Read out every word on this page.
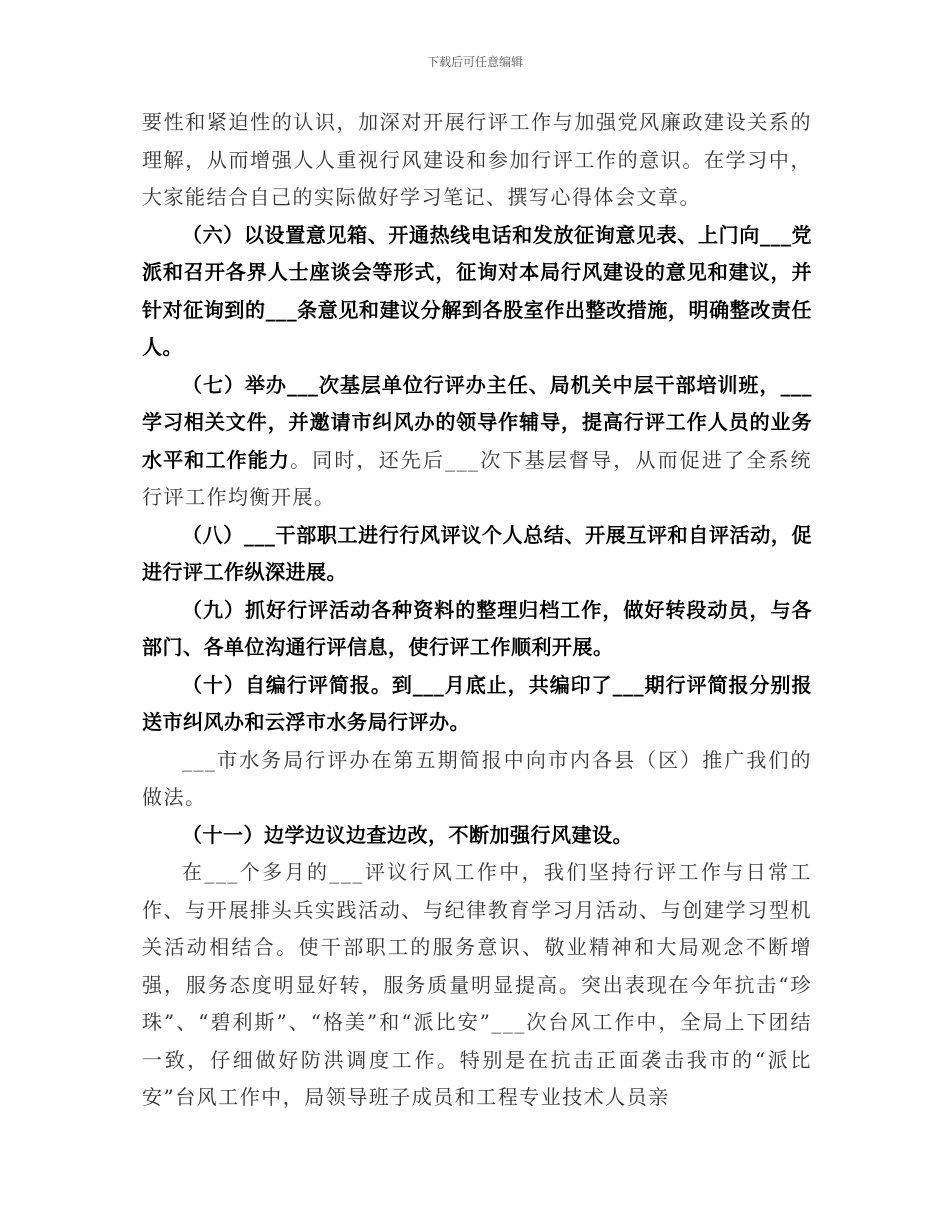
下载后可任意编辑

要性和紧迫性的认识，加深对开展行评工作与加强党风廉政建设关系的理解，从而增强人人重视行风建设和参加行评工作的意识。在学习中，大家能结合自己的实际做好学习笔记、撰写心得体会文章。

（六）以设置意见箱、开通热线电话和发放征询意见表、上门向___党派和召开各界人士座谈会等形式，征询对本局行风建设的意见和建议，并针对征询到的___条意见和建议分解到各股室作出整改措施，明确整改责任人。

（七）举办___次基层单位行评办主任、局机关中层干部培训班，___学习相关文件，并邀请市纠风办的领导作辅导，提高行评工作人员的业务水平和工作能力。同时，还先后___次下基层督导，从而促进了全系统行评工作均衡开展。

（八）___干部职工进行行风评议个人总结、开展互评和自评活动，促进行评工作纵深进展。

（九）抓好行评活动各种资料的整理归档工作，做好转段动员，与各部门、各单位沟通行评信息，使行评工作顺利开展。

（十）自编行评简报。到___月底止，共编印了___期行评简报分别报送市纠风办和云浮市水务局行评办。

___市水务局行评办在第五期简报中向市内各县（区）推广我们的做法。

（十一）边学边议边查边改，不断加强行风建设。

在___个多月的___评议行风工作中，我们坚持行评工作与日常工作、与开展排头兵实践活动、与纪律教育学习月活动、与创建学习型机关活动相结合。使干部职工的服务意识、敬业精神和大局观念不断增强，服务态度明显好转，服务质量明显提高。突出表现在今年抗击“珍珠”、“碧利斯”、“格美”和“派比安”___次台风工作中，全局上下团结一致，仔细做好防洪调度工作。特别是在抗击正面袭击我市的“派比安”台风工作中，局领导班子成员和工程专业技术人员亲
